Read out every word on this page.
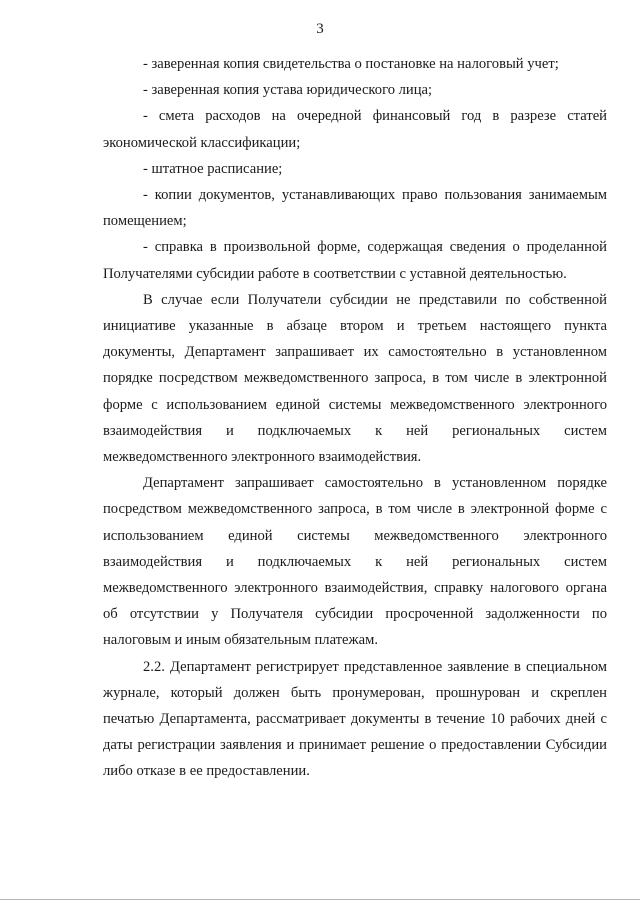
3

- заверенная копия свидетельства о постановке на налоговый учет;

- заверенная копия устава юридического лица;

- смета расходов на очередной финансовый год в разрезе статей экономической классификации;

- штатное расписание;

- копии документов, устанавливающих право пользования занимаемым помещением;

- справка в произвольной форме, содержащая сведения о проделанной Получателями субсидии работе в соответствии с уставной деятельностью.

В случае если Получатели субсидии не представили по собственной инициативе указанные в абзаце втором и третьем настоящего пункта документы, Департамент запрашивает их самостоятельно в установленном порядке посредством межведомственного запроса, в том числе в электронной форме с использованием единой системы межведомственного электронного взаимодействия и подключаемых к ней региональных систем межведомственного электронного взаимодействия.

Департамент запрашивает самостоятельно в установленном порядке посредством межведомственного запроса, в том числе в электронной форме с использованием единой системы межведомственного электронного взаимодействия и подключаемых к ней региональных систем межведомственного электронного взаимодействия, справку налогового органа об отсутствии у Получателя субсидии просроченной задолженности по налоговым и иным обязательным платежам.

2.2. Департамент регистрирует представленное заявление в специальном журнале, который должен быть пронумерован, прошнурован и скреплен печатью Департамента, рассматривает документы в течение 10 рабочих дней с даты регистрации заявления и принимает решение о предоставлении Субсидии либо отказе в ее предоставлении.
